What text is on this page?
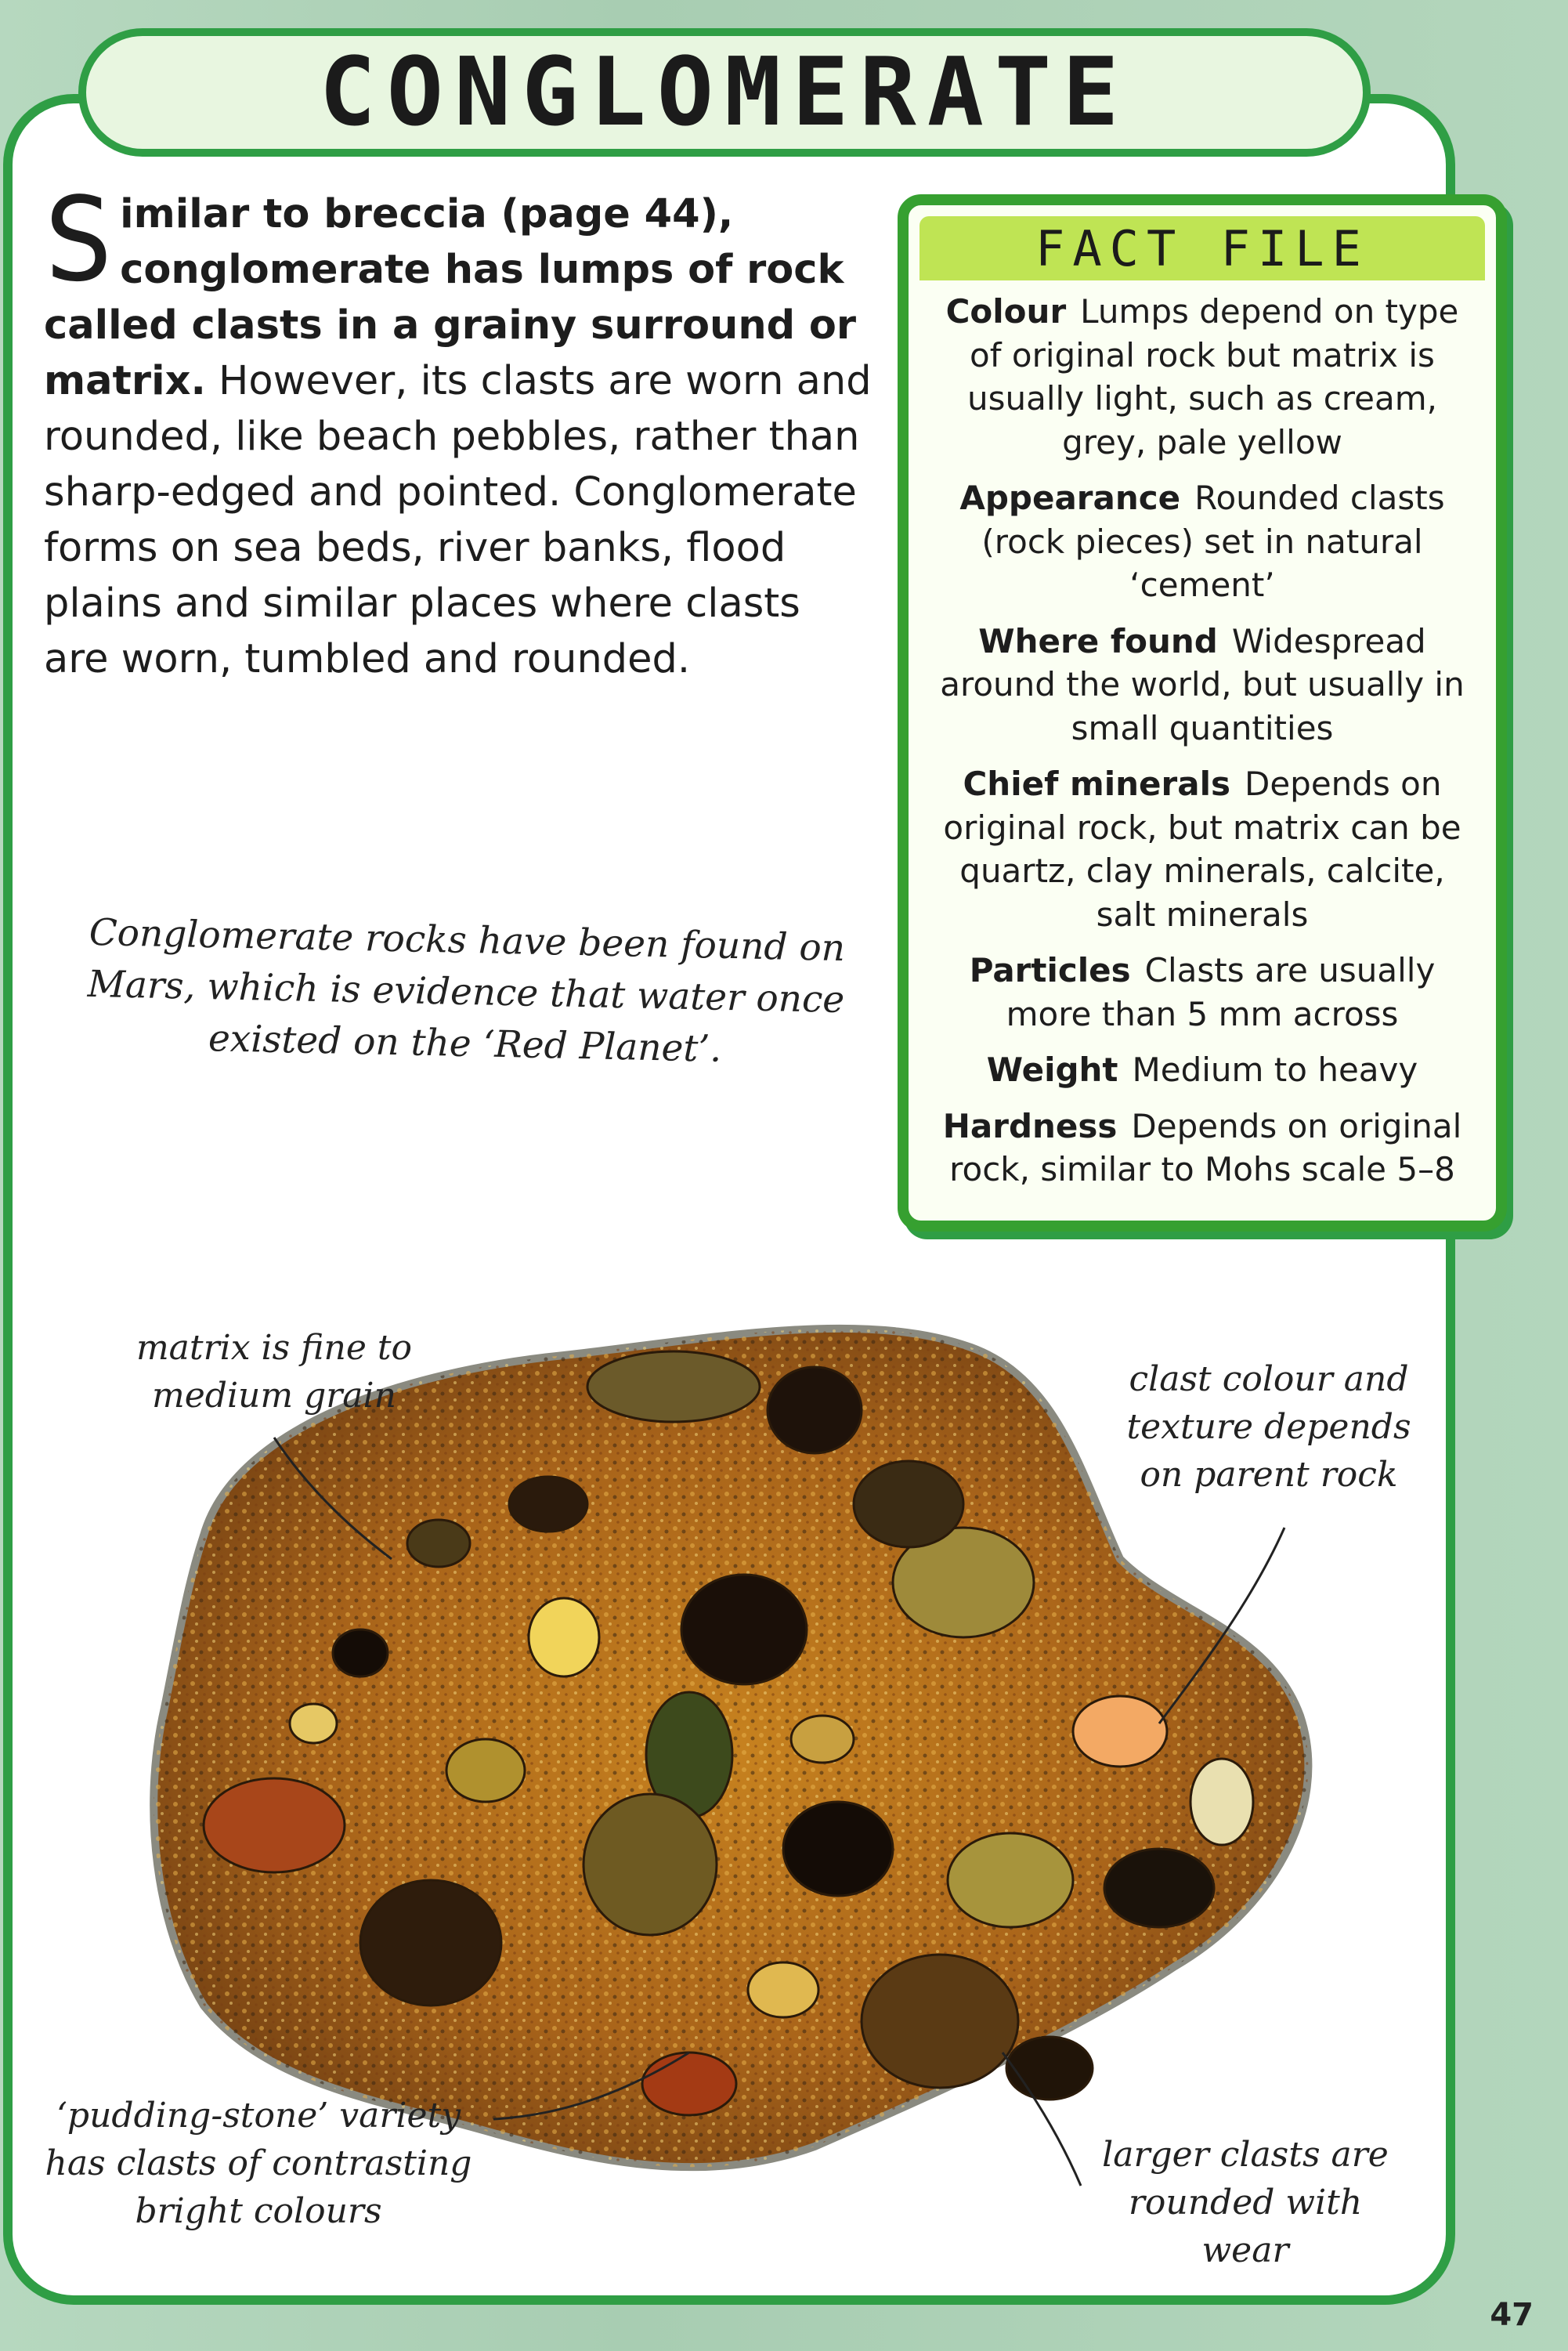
CONGLOMERATE
Similar to breccia (page 44), conglomerate has lumps of rock called clasts in a grainy surround or matrix. However, its clasts are worn and rounded, like beach pebbles, rather than sharp-edged and pointed. Conglomerate forms on sea beds, river banks, flood plains and similar places where clasts are worn, tumbled and rounded.
Conglomerate rocks have been found on Mars, which is evidence that water once existed on the ‘Red Planet’.
FACT FILE
Colour Lumps depend on type of original rock but matrix is usually light, such as cream, grey, pale yellow
Appearance Rounded clasts (rock pieces) set in natural ‘cement’
Where found Widespread around the world, but usually in small quantities
Chief minerals Depends on original rock, but matrix can be quartz, clay minerals, calcite, salt minerals
Particles Clasts are usually more than 5 mm across
Weight Medium to heavy
Hardness Depends on original rock, similar to Mohs scale 5–8
matrix is fine to medium grain	clast colour and texture depends on parent rock
‘pudding-stone’ variety has clasts of contrasting bright colours
larger clasts are rounded with wear
47
